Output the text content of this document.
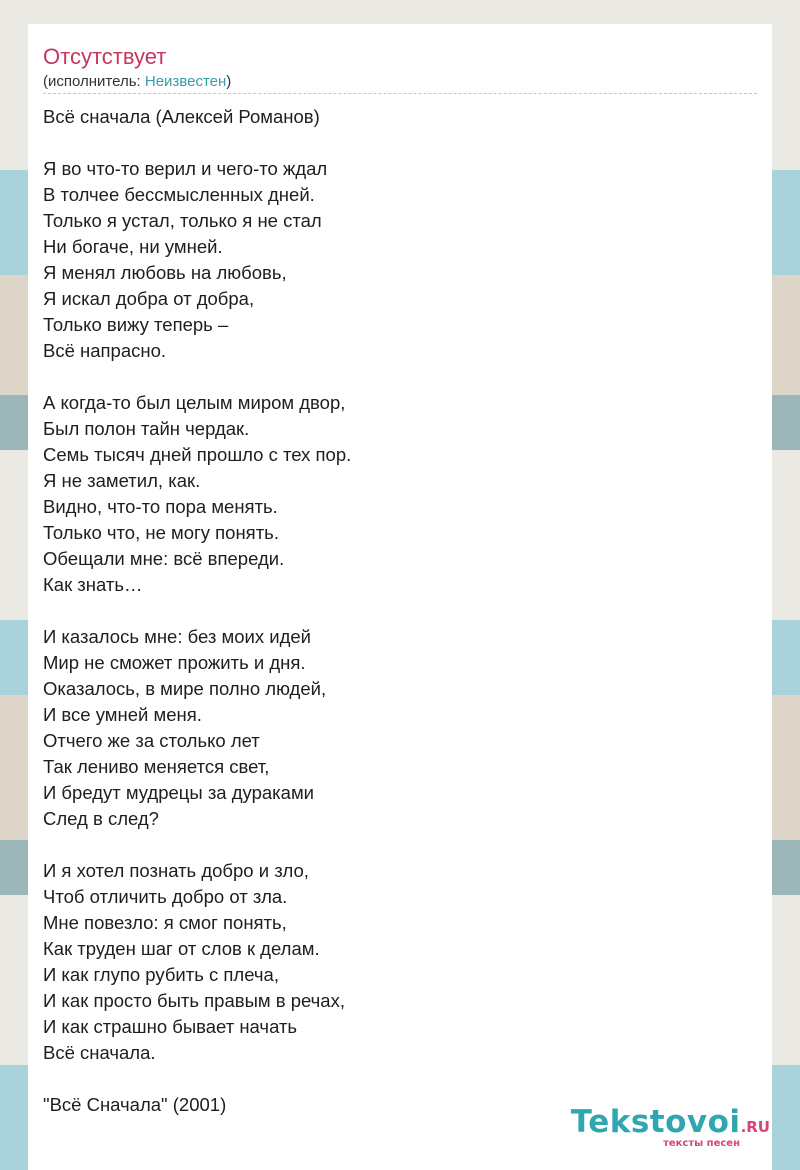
Отсутствует
(исполнитель: Неизвестен)
Всё сначала (Алексей Романов)
Я во что-то верил и чего-то ждал
В толчее бессмысленных дней.
Только я устал, только я не стал
Ни богаче, ни умней.
Я менял любовь на любовь,
Я искал добра от добра,
Только вижу теперь –
Всё напрасно.
А когда-то был целым миром двор,
Был полон тайн чердак.
Семь тысяч дней прошло с тех пор.
Я не заметил, как.
Видно, что-то пора менять.
Только что, не могу понять.
Обещали мне: всё впереди.
Как знать…
И казалось мне: без моих идей
Мир не сможет прожить и дня.
Оказалось, в мире полно людей,
И все умней меня.
Отчего же за столько лет
Так лениво меняется свет,
И бредут мудрецы за дураками
След в след?
И я хотел познать добро и зло,
Чтоб отличить добро от зла.
Мне повезло: я смог понять,
Как труден шаг от слов к делам.
И как глупо рубить с плеча,
И как просто быть правым в речах,
И как страшно бывает начать
Всё сначала.
"Всё Сначала" (2001)	Tekstovoi.RU
тексты песен
